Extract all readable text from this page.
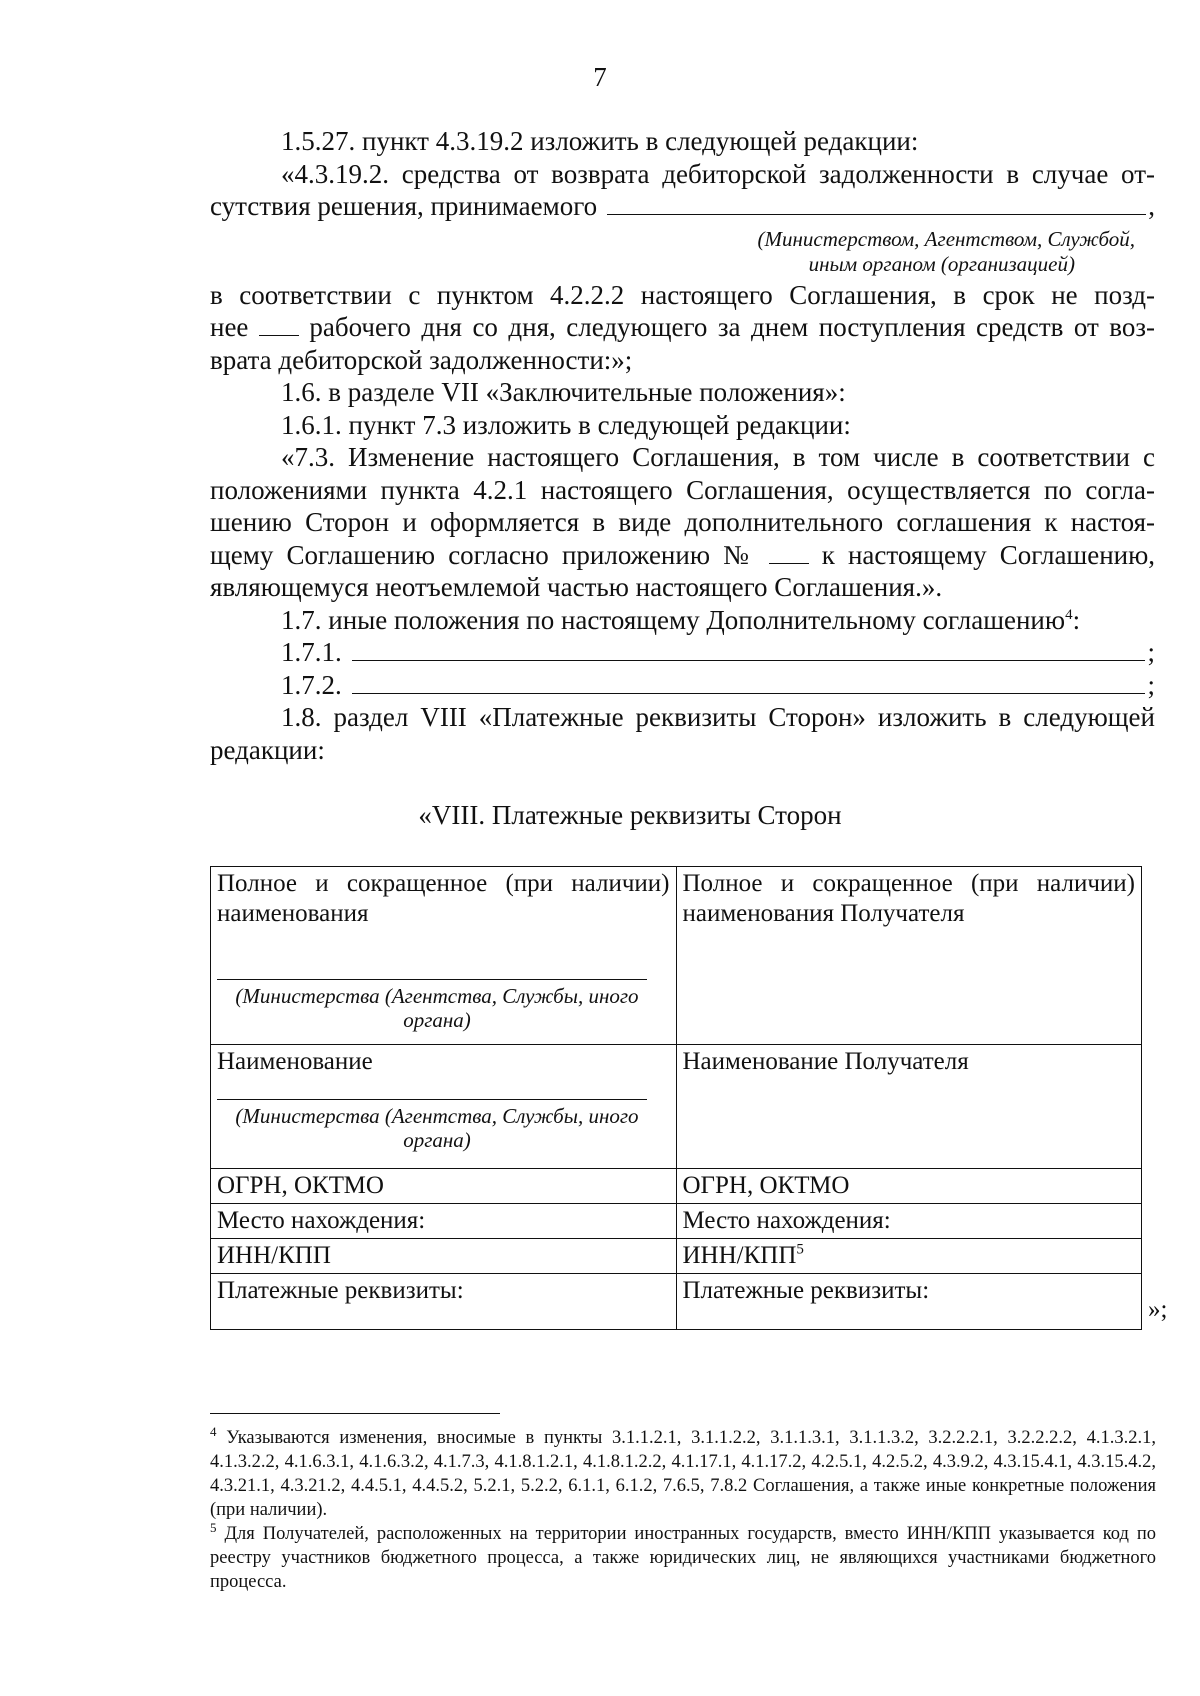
7

1.5.27. пункт 4.3.19.2 изложить в следующей редакции:

«4.3.19.2. средства от возврата дебиторской задолженности в случае от-

сутствия решения, принимаемого	,

(Министерством, Агентством, Службой,
иным органом (организацией)

в соответствии с пунктом 4.2.2.2 настоящего Соглашения, в срок не позд-

нее рабочего дня со дня, следующего за днем поступления средств от воз-

врата дебиторской задолженности:»;

1.6. в разделе VII «Заключительные положения»:

1.6.1. пункт 7.3 изложить в следующей редакции:

«7.3. Изменение настоящего Соглашения, в том числе в соответствии с

положениями пункта 4.2.1 настоящего Соглашения, осуществляется по согла-

шению Сторон и оформляется в виде дополнительного соглашения к настоя-

щему Соглашению согласно приложению № к настоящему Соглашению,

являющемуся неотъемлемой частью настоящего Соглашения.».

1.7. иные положения по настоящему Дополнительному соглашению$^4$:

1.7.1.	;

1.7.2.	;

1.8. раздел VIII «Платежные реквизиты Сторон» изложить в следующей

редакции:

«VIII. Платежные реквизиты Сторон
Полное и сокращенное (при наличии) наименования
(Министерства (Агентства, Службы, иного органа)	Полное и сокращенное (при наличии) наименования Получателя

Наименование
(Министерства (Агентства, Службы, иного органа)	Наименование Получателя

ОГРН, ОКТМО	ОГРН, ОКТМО
Место нахождения:	Место нахождения:
ИНН/КПП	ИНН/КПП$^5$
Платежные реквизиты:	Платежные реквизиты:
»;

$^4$ Указываются изменения, вносимые в пункты 3.1.1.2.1, 3.1.1.2.2, 3.1.1.3.1, 3.1.1.3.2, 3.2.2.2.1, 3.2.2.2.2, 4.1.3.2.1, 4.1.3.2.2, 4.1.6.3.1, 4.1.6.3.2, 4.1.7.3, 4.1.8.1.2.1, 4.1.8.1.2.2, 4.1.17.1, 4.1.17.2, 4.2.5.1, 4.2.5.2, 4.3.9.2, 4.3.15.4.1, 4.3.15.4.2, 4.3.21.1, 4.3.21.2, 4.4.5.1, 4.4.5.2, 5.2.1, 5.2.2, 6.1.1, 6.1.2, 7.6.5, 7.8.2 Соглашения, а также иные конкретные положения (при наличии).

$^5$ Для Получателей, расположенных на территории иностранных государств, вместо ИНН/КПП указывается код по реестру участников бюджетного процесса, а также юридических лиц, не являющихся участниками бюджетного процесса.
